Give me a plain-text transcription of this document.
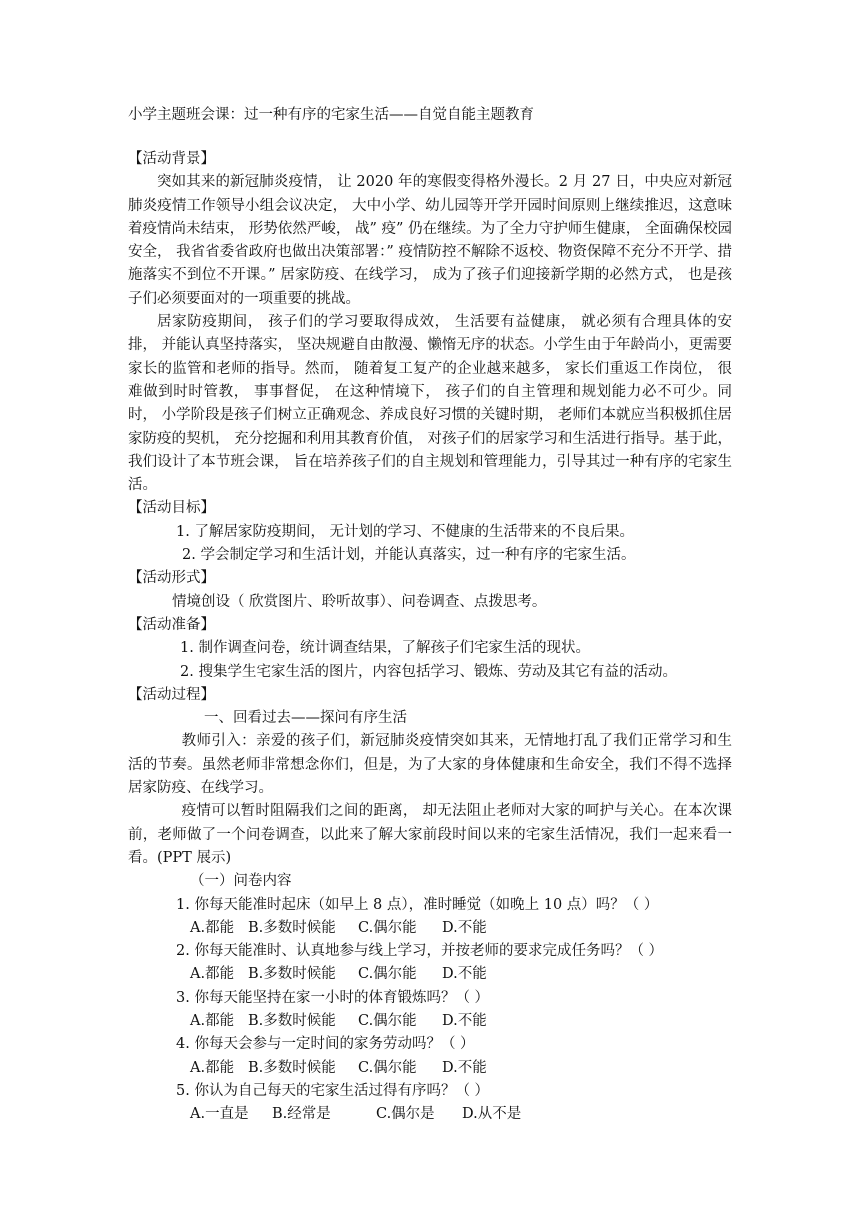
小学主题班会课：过一种有序的宅家生活——自觉自能主题教育

【活动背景】

突如其来的新冠肺炎疫情， 让 2020 年的寒假变得格外漫长。2 月 27 日，中央应对新冠肺炎疫情工作领导小组会议决定， 大中小学、幼儿园等开学开园时间原则上继续推迟，这意味着疫情尚未结束， 形势依然严峻， 战” 疫” 仍在继续。为了全力守护师生健康， 全面确保校园安全， 我省省委省政府也做出决策部署：” 疫情防控不解除不返校、物资保障不充分不开学、措施落实不到位不开课。” 居家防疫、在线学习， 成为了孩子们迎接新学期的必然方式， 也是孩子们必须要面对的一项重要的挑战。

居家防疫期间， 孩子们的学习要取得成效， 生活要有益健康， 就必须有合理具体的安排， 并能认真坚持落实， 坚决规避自由散漫、懒惰无序的状态。小学生由于年龄尚小，更需要家长的监管和老师的指导。然而， 随着复工复产的企业越来越多， 家长们重返工作岗位， 很难做到时时管教， 事事督促， 在这种情境下， 孩子们的自主管理和规划能力必不可少。同时， 小学阶段是孩子们树立正确观念、养成良好习惯的关键时期， 老师们本就应当积极抓住居家防疫的契机， 充分挖掘和利用其教育价值， 对孩子们的居家学习和生活进行指导。基于此， 我们设计了本节班会课， 旨在培养孩子们的自主规划和管理能力，引导其过一种有序的宅家生活。

【活动目标】

1. 了解居家防疫期间， 无计划的学习、不健康的生活带来的不良后果。

2. 学会制定学习和生活计划，并能认真落实，过一种有序的宅家生活。

【活动形式】

情境创设（ 欣赏图片、聆听故事）、问卷调查、点拨思考。

【活动准备】

1. 制作调查问卷，统计调查结果，了解孩子们宅家生活的现状。

2. 搜集学生宅家生活的图片，内容包括学习、锻炼、劳动及其它有益的活动。

【活动过程】

一、回看过去——探问有序生活

教师引入：亲爱的孩子们，新冠肺炎疫情突如其来，无情地打乱了我们正常学习和生活的节奏。虽然老师非常想念你们，但是，为了大家的身体健康和生命安全，我们不得不选择居家防疫、在线学习。

疫情可以暂时阻隔我们之间的距离， 却无法阻止老师对大家的呵护与关心。在本次课前，老师做了一个问卷调查，以此来了解大家前段时间以来的宅家生活情况，我们一起来看一看。(PPT 展示)

（一）问卷内容

1. 你每天能准时起床（如早上 8 点），准时睡觉（如晚上 10 点）吗？（ ）

A.都能 B.多数时候能	C.偶尔能	D.不能

2. 你每天能准时、认真地参与线上学习，并按老师的要求完成任务吗？（ ）

A.都能 B.多数时候能	C.偶尔能	D.不能

3. 你每天能坚持在家一小时的体育锻炼吗？（ ）

A.都能 B.多数时候能	C.偶尔能	D.不能

4. 你每天会参与一定时间的家务劳动吗？（ ）

A.都能 B.多数时候能	C.偶尔能	D.不能

5. 你认为自己每天的宅家生活过得有序吗？（ ）

A.一直是	B.经常是	C.偶尔是	D.从不是
